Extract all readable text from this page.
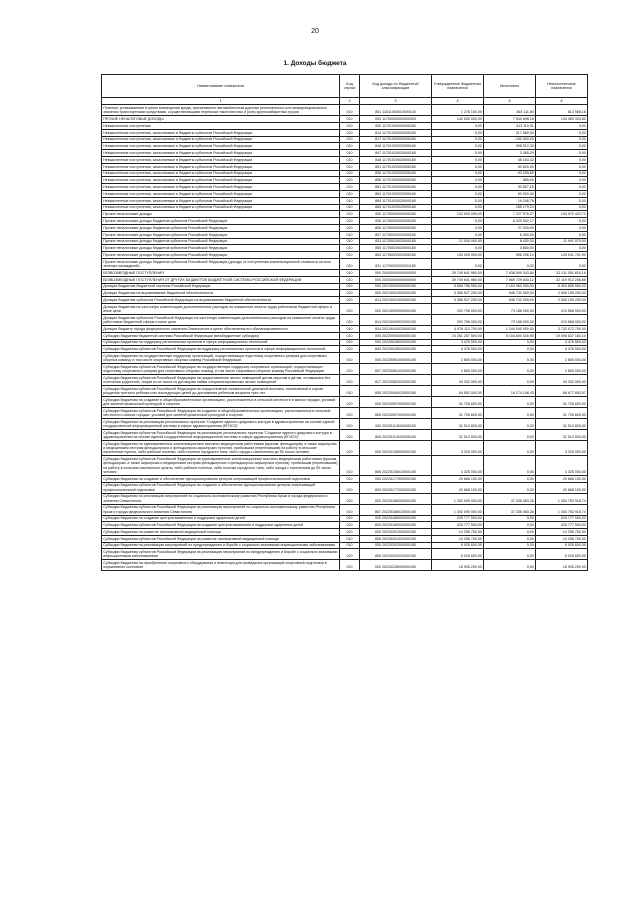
20
1. Доходы бюджета
Наименование показателя	Код строки	Код дохода по бюджетной классификации	Утвержденные бюджетные назначения	Исполнено	Неисполненные назначения
1	2	3	4	5	6
Платежи, уплачиваемые в целях возмещения вреда, причиняемого автомобильным дорогам регионального или межмуниципального значения транспортными средствами, осуществляющими перевозки тяжеловесных и (или) крупногабаритных грузов	010	851 11611063010000140	1 278 100,00	464 111,84	813 988,16
ПРОЧИЕ НЕНАЛОГОВЫЕ ДОХОДЫ	010	000 11700000000000000	142 000 000,00	7 540 696,18	134 459 303,82
Невыясненные поступления	010	000 11701000000000180	0,00	313 119,91	0,00
Невыясненные поступления, зачисляемые в бюджеты субъектов Российской Федерации	010	814 11701020020000180	0,00	217 580,00	0,00
Невыясненные поступления, зачисляемые в бюджеты субъектов Российской Федерации	010	817 11701020020000180	0,00	-152 000,00	0,00
Невыясненные поступления, зачисляемые в бюджеты субъектов Российской Федерации	010	846 11701020020000180	0,00	398 312,30	0,00
Невыясненные поступления, зачисляемые в бюджеты субъектов Российской Федерации	010	847 11701020020000180	0,00	3 365,29	0,00
Невыясненные поступления, зачисляемые в бюджеты субъектов Российской Федерации	010	848 11701020020000180	0,00	48 163,32	0,00
Невыясненные поступления, зачисляемые в бюджеты субъектов Российской Федерации	010	851 11701020020000180	0,00	50 600,00	0,00
Невыясненные поступления, зачисляемые в бюджеты субъектов Российской Федерации	010	855 11701020020000180	0,00	-93 095,69	0,00
Невыясненные поступления, зачисляемые в бюджеты субъектов Российской Федерации	010	856 11701020020000180	0,00	585,00	0,00
Невыясненные поступления, зачисляемые в бюджеты субъектов Российской Федерации	010	861 11701020020000180	0,00	93 827,15	0,00
Невыясненные поступления, зачисляемые в бюджеты субъектов Российской Федерации	010	863 11701020020000180	0,00	50 000,00	0,00
Невыясненные поступления, зачисляемые в бюджеты субъектов Российской Федерации	010	864 11701020020000180	0,00	19 248,78	0,00
Невыясненные поступления, зачисляемые в бюджеты субъектов Российской Федерации	010	865 11701020020000180	0,00	185 179,24	0,00
Прочие неналоговые доходы	010	000 11705000000000180	142 000 000,00	7 227 576,27	134 972 423,73
Прочие неналоговые доходы бюджетов субъектов Российской Федерации	010	000 11705020020000180	0,00	6 229 592,17	0,00
Прочие неналоговые доходы бюджетов субъектов Российской Федерации	010	806 11705020020000180	0,00	27 000,00	0,00
Прочие неналоговые доходы бюджетов субъектов Российской Федерации	010	807 11705020020000180	0,00	6 400,00	0,00
Прочие неналоговые доходы бюджетов субъектов Российской Федерации	010	831 11705020020000180	12 000 000,00	8 430,00	11 991 570,00
Прочие неналоговые доходы бюджетов субъектов Российской Федерации	010	855 11705020020000180	0,00	3 850,00	0,00
Прочие неналоговые доходы бюджетов субъектов Российской Федерации	010	864 11705020020000180	130 000 000,00	958 296,10	129 041 701,90
Прочие неналоговые доходы бюджетов субъектов Российской Федерации (доходы от поступления компенсационной стоимости за снос зеленых насаждений)	010	831 11705020020001180	0,00	0,00	0,00
БЕЗВОЗМЕЗДНЫЕ ПОСТУПЛЕНИЯ	010	000 20000000000000000	39 749 641 960,00	7 638 590 343,84	32 111 051 616,16
БЕЗВОЗМЕЗДНЫЕ ПОСТУПЛЕНИЯ ОТ ДРУГИХ БЮДЖЕТОВ БЮДЖЕТНОЙ СИСТЕМЫ РОССИЙСКОЙ ФЕДЕРАЦИИ	010	000 20200000000000000	39 749 641 960,00	7 569 729 643,12	32 119 912 256,88
Дотации бюджетам бюджетной системы Российской Федерации	010	000 20210000000000150	8 658 756 900,00	2 163 960 000,00	6 494 805 900,00
Дотации бюджетам на выравнивание бюджетной обеспеченности	010	000 20215001000000150	3 386 927 200,00	846 732 000,00	2 540 195 200,00
Дотации бюджетам субъектов Российской Федерации на выравнивание бюджетной обеспеченности	010	814 20215001020000150	3 386 927 200,00	846 732 000,00	2 540 195 200,00
Дотации бюджетам на частичную компенсацию дополнительных расходов на повышение оплаты труда работников бюджетной сферы и иные цели	010	000 20215009000000150	292 796 000,00	73 188 000,00	219 568 000,00
Дотации бюджетам субъектов Российской Федерации на частичную компенсацию дополнительных расходов на повышение оплаты труда работников бюджетной сферы и иные цели	010	814 20215009020000150	292 796 000,00	73 188 000,00	219 568 000,00
Дотации бюджету города федерального значения Севастополя в целях обеспечения его сбалансированности	010	814 20215410020000150	4 978 112 700,00	1 244 040 000,00	3 732 072 700,00
Субсидии бюджетам бюджетной системы Российской Федерации (межбюджетные субсидии)	010	000 20220000000000150	24 281 257 500,00	5 104 600 316,90	19 096 637 183,10
Субсидии бюджетам на поддержку региональных проектов в сфере информационных технологий	010	000 20225028000000150	4 476 500,00	0,00	4 476 500,00
Субсидии бюджетам субъектов Российской Федерации на поддержку региональных проектов в сфере информационных технологий	010	840 20225028020000150	4 476 500,00	0,00	4 476 500,00
Субсидии бюджетам на государственную поддержку организаций, осуществляющих подготовку спортивного резерва для спортивных сборных команд, в том числе спортивных сборных команд Российской Федерации	010	000 20225081000000150	2 805 000,00	0,00	2 805 000,00
Субсидии бюджетам субъектов Российской Федерации на государственную поддержку спортивных организаций, осуществляющих подготовку спортивного резерва для спортивных сборных команд, в том числе спортивных сборных команд Российской Федерации	010	807 20225081020000150	2 805 000,00	0,00	2 805 000,00
Субсидии бюджетам субъектов Российской Федерации на предоставление жилых помещений детям-сиротам и детям, оставшимся без попечения родителей, лицам из их числа по договорам найма специализированных жилых помещений	010	817 20225082020000150	34 332 900,00	0,00	34 332 900,00
Субсидии бюджетам субъектов Российской Федерации на осуществление ежемесячной денежной выплаты, назначаемой в случае рождения третьего ребенка или последующих детей до достижения ребенком возраста трех лет	010	855 20225084020000150	84 852 000,00	16 174 146,43	68 677 853,57
Субсидии бюджетам на создание в общеобразовательных организациях, расположенных в сельской местности и малых городах, условий для занятий физической культурой и спортом	010	000 20225097000000150	31 726 600,00	0,00	31 726 600,00
Субсидии бюджетам субъектов Российской Федерации на создание в общеобразовательных организациях, расположенных в сельской местности и малых городах, условий для занятий физической культурой и спортом	010	806 20225097020000150	31 726 600,00	0,00	31 726 600,00
Субсидии бюджетам на реализацию региональных проектов "Создание единого цифрового контура в здравоохранении на основе единой государственной информационной системы в сфере здравоохранения (ЕГИСЗ)"	010	000 20225114000000150	31 512 800,00	0,00	31 512 800,00
Субсидии бюджетам субъектов Российской Федерации на реализацию региональных проектов "Создание единого цифрового контура в здравоохранении на основе единой государственной информационной системы в сфере здравоохранения (ЕГИСЗ)"	010	806 20225114020000150	31 512 800,00	0,00	31 512 800,00
Субсидии бюджетам на единовременные компенсационные выплаты медицинским работникам (врачам, фельдшерам, а также акушеркам и медицинским сестрам фельдшерских и фельдшерско-акушерских пунктов), прибывшим (переехавшим) на работу в сельские населенные пункты, либо рабочие поселки, либо поселки городского типа, либо города с населением до 50 тысяч человек	010	000 20225138000000150	3 325 000,00	0,00	3 325 000,00
Субсидии бюджетам субъектов Российской Федерации на единовременные компенсационные выплаты медицинским работникам (врачам, фельдшерам, а также акушеркам и медицинским сестрам фельдшерских и фельдшерско-акушерских пунктов), прибывшим (переехавшим) на работу в сельские населенные пункты, либо рабочие поселки, либо поселки городского типа, либо города с населением до 50 тысяч человек	010	806 20225138020000150	3 325 000,00	0,00	3 325 000,00
Субсидии бюджетам на создание и обеспечение функционирования центров опережающей профессиональной подготовки	010	000 20225177000000150	20 668 100,00	0,00	20 668 100,00
Субсидии бюджетам субъектов Российской Федерации на создание и обеспечение функционирования центров опережающей профессиональной подготовки	010	809 20225177020000150	20 668 100,00	0,00	20 668 100,00
Субсидии бюджетам на реализацию мероприятий по социально-экономическому развитию Республики Крым и города федерального значения Севастополя	010	000 20225186000000150	1 392 090 000,00	37 336 083,26	1 354 753 916,74
Субсидии бюджетам субъектов Российской Федерации на реализацию мероприятий по социально-экономическому развитию Республики Крым и города федерального значения Севастополя	010	867 20225186020000150	1 392 090 000,00	37 336 083,26	1 354 753 916,74
Субсидии бюджетам на создание центров выявления и поддержки одаренных детей	010	000 20225189000000150	225 777 500,00	0,00	225 777 500,00
Субсидии бюджетам субъектов Российской Федерации на создание центров выявления и поддержки одаренных детей	010	809 20225189020000150	225 777 500,00	0,00	225 777 500,00
Субсидии бюджетам на развитие паллиативной медицинской помощи	010	000 20225201000000150	14 256 700,00	0,00	14 256 700,00
Субсидии бюджетам субъектов Российской Федерации на развитие паллиативной медицинской помощи	010	806 20225201020000150	14 256 700,00	0,00	14 256 700,00
Субсидии бюджетам на реализацию мероприятий по предупреждению и борьбе с социально значимыми инфекционными заболеваниями	010	000 20225202000000150	6 925 600,00	0,00	6 925 600,00
Субсидии бюджетам субъектов Российской Федерации на реализацию мероприятий по предупреждению и борьбе с социально значимыми инфекционными заболеваниями	010	806 20225202020000150	6 925 600,00	0,00	6 925 600,00
Субсидии бюджетам на приобретение спортивного оборудования и инвентаря для приведения организаций спортивной подготовки в нормативное состояние	010	000 20225228000000150	18 935 200,00	0,00	18 935 200,00
